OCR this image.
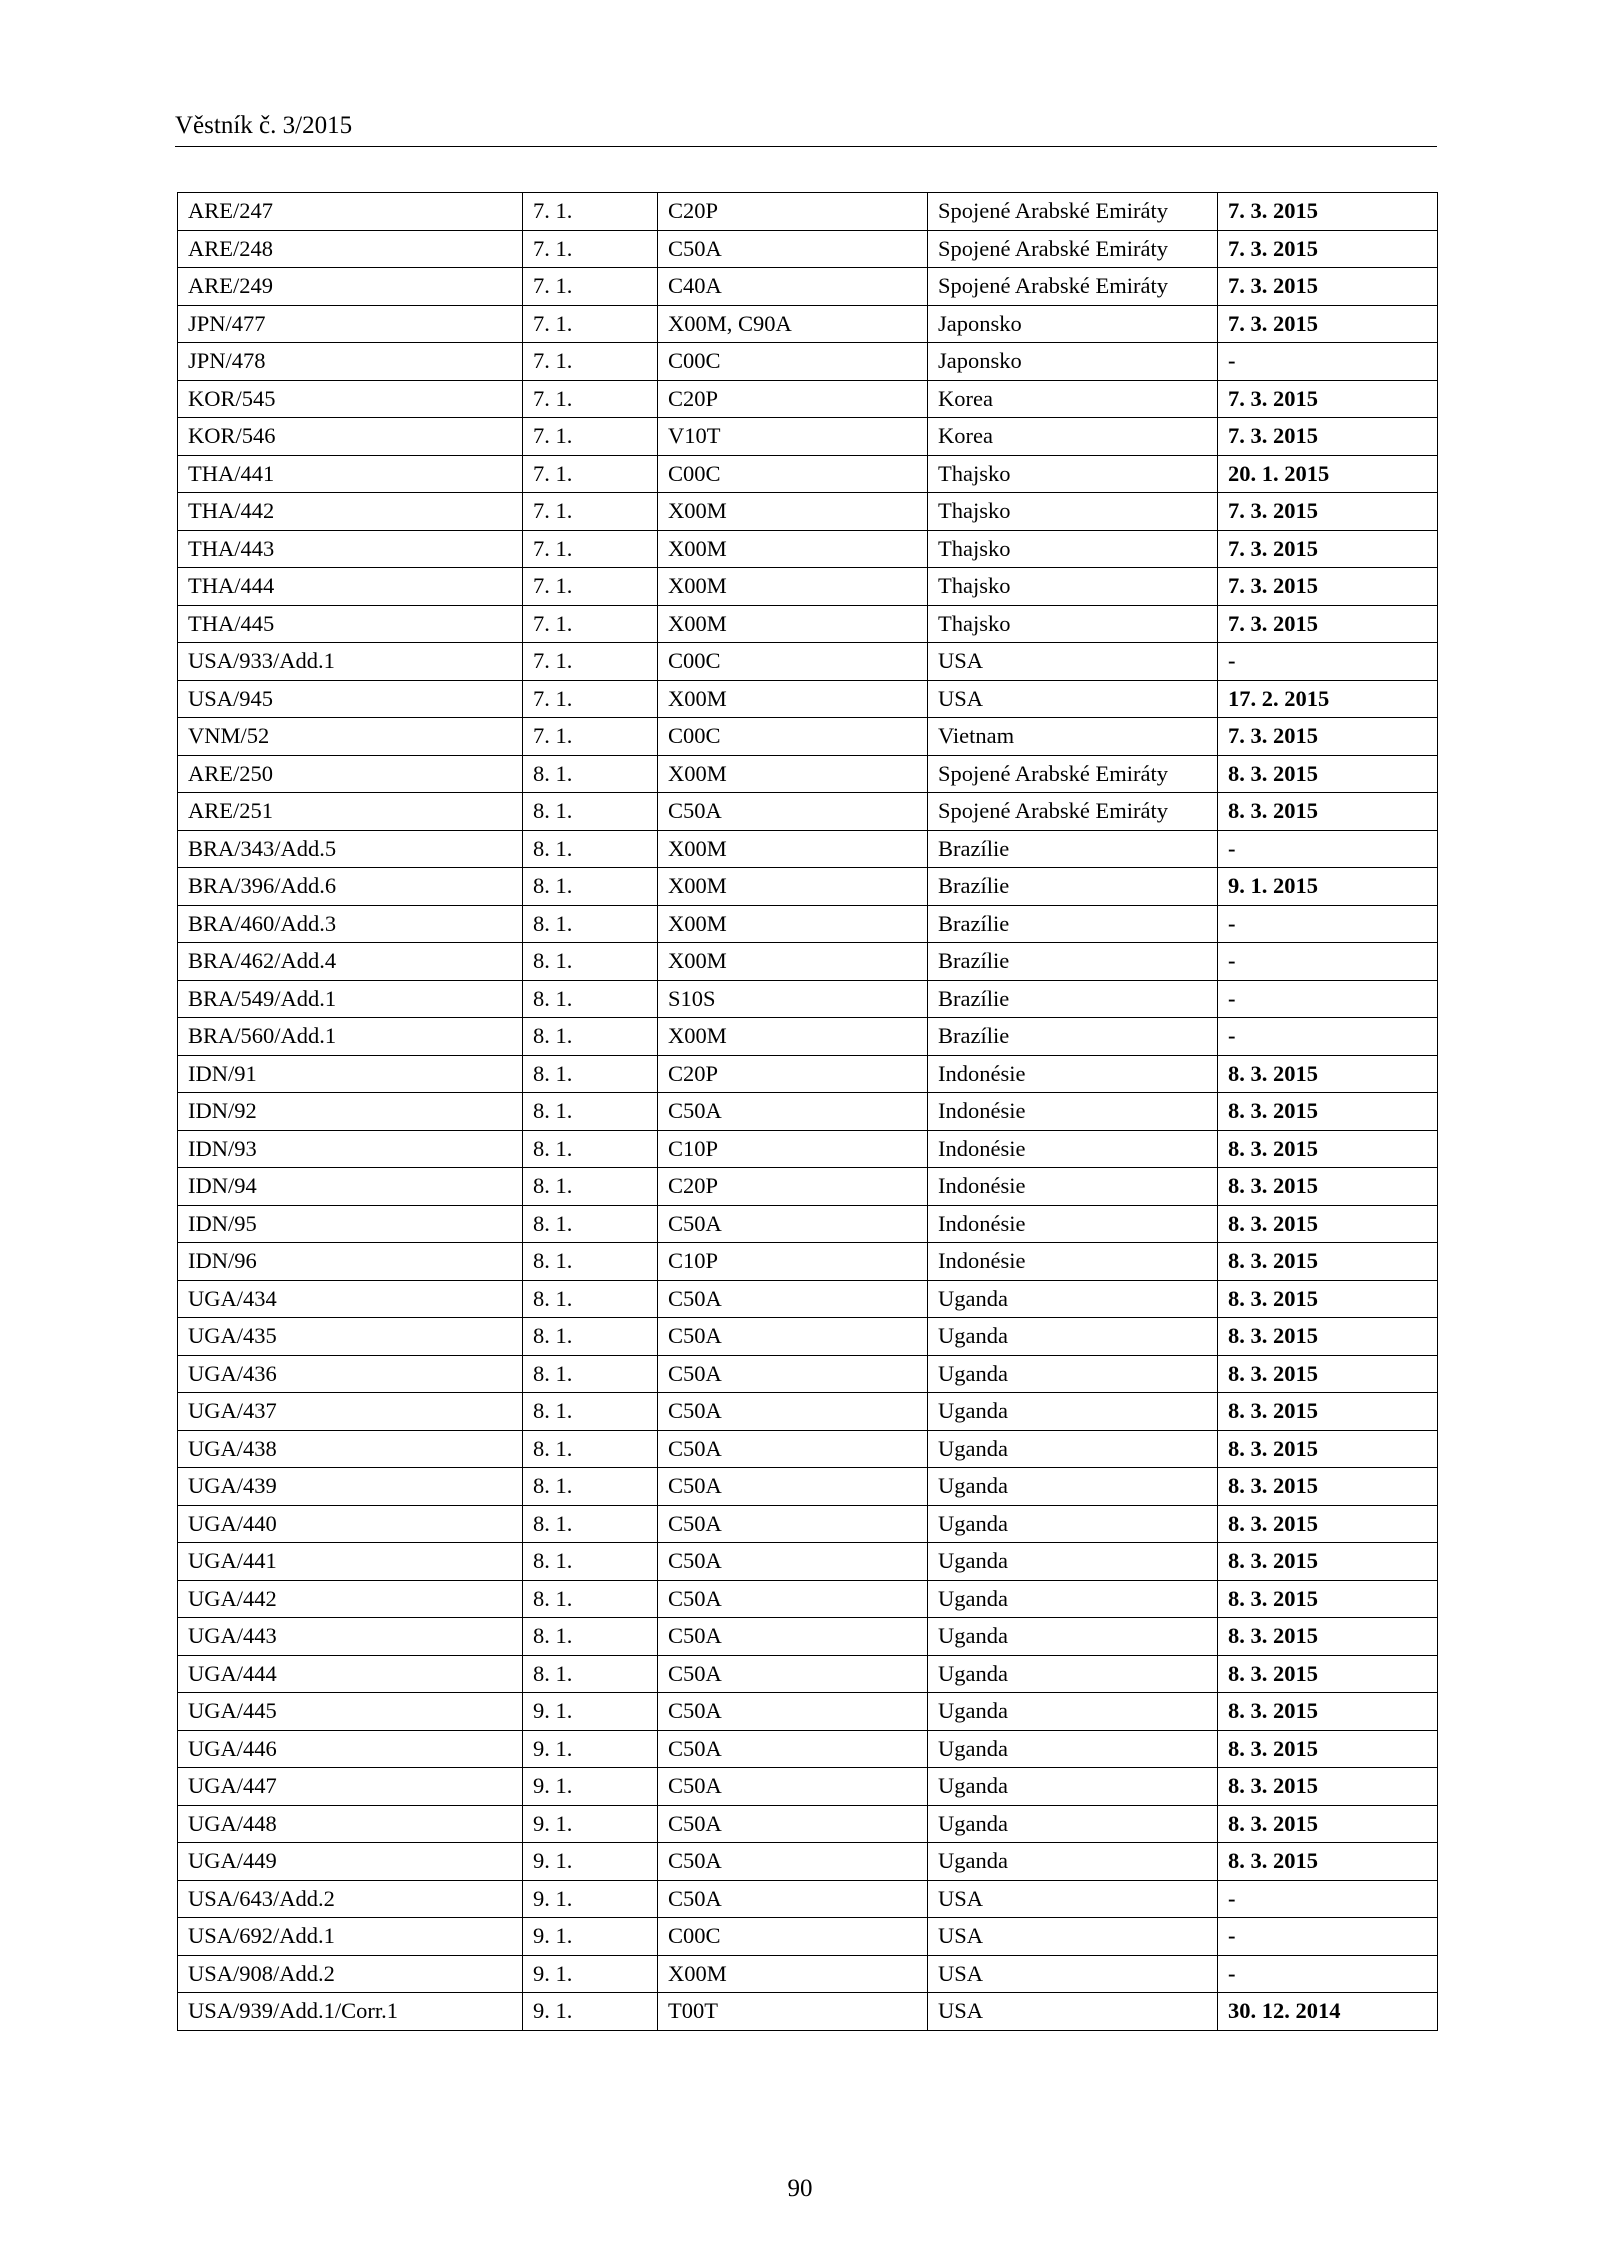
Věstník č. 3/2015
ARE/247	7. 1.	C20P	Spojené Arabské Emiráty	7. 3. 2015
ARE/248	7. 1.	C50A	Spojené Arabské Emiráty	7. 3. 2015
ARE/249	7. 1.	C40A	Spojené Arabské Emiráty	7. 3. 2015
JPN/477	7. 1.	X00M, C90A	Japonsko	7. 3. 2015
JPN/478	7. 1.	C00C	Japonsko	-
KOR/545	7. 1.	C20P	Korea	7. 3. 2015
KOR/546	7. 1.	V10T	Korea	7. 3. 2015
THA/441	7. 1.	C00C	Thajsko	20. 1. 2015
THA/442	7. 1.	X00M	Thajsko	7. 3. 2015
THA/443	7. 1.	X00M	Thajsko	7. 3. 2015
THA/444	7. 1.	X00M	Thajsko	7. 3. 2015
THA/445	7. 1.	X00M	Thajsko	7. 3. 2015
USA/933/Add.1	7. 1.	C00C	USA	-
USA/945	7. 1.	X00M	USA	17. 2. 2015
VNM/52	7. 1.	C00C	Vietnam	7. 3. 2015
ARE/250	8. 1.	X00M	Spojené Arabské Emiráty	8. 3. 2015
ARE/251	8. 1.	C50A	Spojené Arabské Emiráty	8. 3. 2015
BRA/343/Add.5	8. 1.	X00M	Brazílie	-
BRA/396/Add.6	8. 1.	X00M	Brazílie	9. 1. 2015
BRA/460/Add.3	8. 1.	X00M	Brazílie	-
BRA/462/Add.4	8. 1.	X00M	Brazílie	-
BRA/549/Add.1	8. 1.	S10S	Brazílie	-
BRA/560/Add.1	8. 1.	X00M	Brazílie	-
IDN/91	8. 1.	C20P	Indonésie	8. 3. 2015
IDN/92	8. 1.	C50A	Indonésie	8. 3. 2015
IDN/93	8. 1.	C10P	Indonésie	8. 3. 2015
IDN/94	8. 1.	C20P	Indonésie	8. 3. 2015
IDN/95	8. 1.	C50A	Indonésie	8. 3. 2015
IDN/96	8. 1.	C10P	Indonésie	8. 3. 2015
UGA/434	8. 1.	C50A	Uganda	8. 3. 2015
UGA/435	8. 1.	C50A	Uganda	8. 3. 2015
UGA/436	8. 1.	C50A	Uganda	8. 3. 2015
UGA/437	8. 1.	C50A	Uganda	8. 3. 2015
UGA/438	8. 1.	C50A	Uganda	8. 3. 2015
UGA/439	8. 1.	C50A	Uganda	8. 3. 2015
UGA/440	8. 1.	C50A	Uganda	8. 3. 2015
UGA/441	8. 1.	C50A	Uganda	8. 3. 2015
UGA/442	8. 1.	C50A	Uganda	8. 3. 2015
UGA/443	8. 1.	C50A	Uganda	8. 3. 2015
UGA/444	8. 1.	C50A	Uganda	8. 3. 2015
UGA/445	9. 1.	C50A	Uganda	8. 3. 2015
UGA/446	9. 1.	C50A	Uganda	8. 3. 2015
UGA/447	9. 1.	C50A	Uganda	8. 3. 2015
UGA/448	9. 1.	C50A	Uganda	8. 3. 2015
UGA/449	9. 1.	C50A	Uganda	8. 3. 2015
USA/643/Add.2	9. 1.	C50A	USA	-
USA/692/Add.1	9. 1.	C00C	USA	-
USA/908/Add.2	9. 1.	X00M	USA	-
USA/939/Add.1/Corr.1	9. 1.	T00T	USA	30. 12. 2014
90
